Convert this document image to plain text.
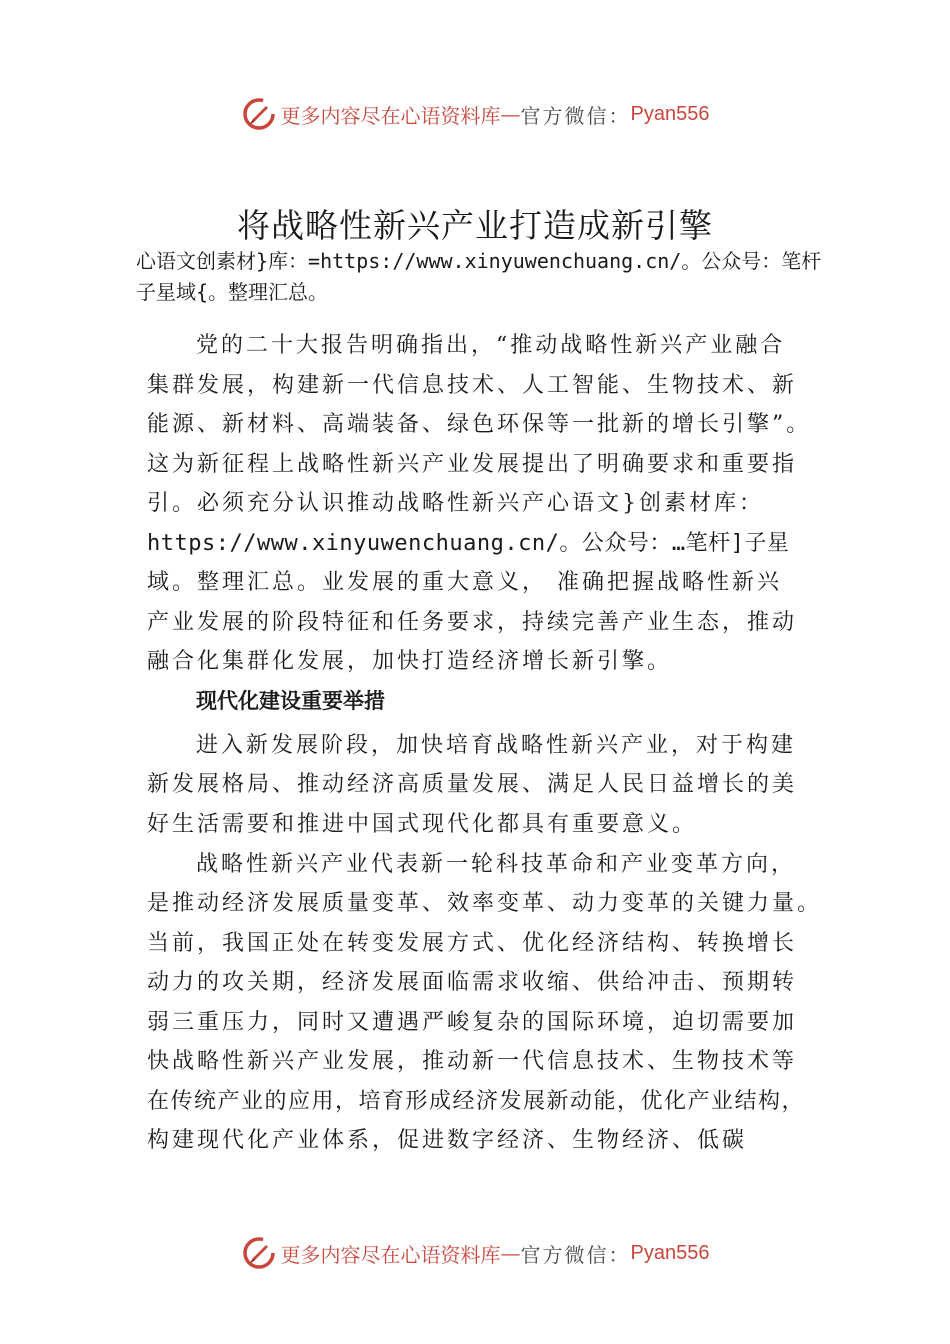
更多内容尽在心语资料库 — 官方微信： Pyan556
将战略性新兴产业打造成新引擎

心语文创素材}库：=https://www.xinyuwenchuang.cn/。公众号：笔杆子星域{。整理汇总。

党的二十大报告明确指出，“推动战略性新兴产业融合
集群发展，构建新一代信息技术、人工智能、生物技术、新
能源、新材料、高端装备、绿色环保等一批新的增长引擎”。
这为新征程上战略性新兴产业发展提出了明确要求和重要指
引。必须充分认识推动战略性新兴产心语文}创素材库：
https://www.xinyuwenchuang.cn/。公众号：…笔杆]子星
域。整理汇总。业发展的重大意义， 准确把握战略性新兴
产业发展的阶段特征和任务要求，持续完善产业生态，推动
融合化集群化发展，加快打造经济增长新引擎。
现代化建设重要举措
进入新发展阶段，加快培育战略性新兴产业，对于构建
新发展格局、推动经济高质量发展、满足人民日益增长的美
好生活需要和推进中国式现代化都具有重要意义。
战略性新兴产业代表新一轮科技革命和产业变革方向，
是推动经济发展质量变革、效率变革、动力变革的关键力量。
当前，我国正处在转变发展方式、优化经济结构、转换增长
动力的攻关期，经济发展面临需求收缩、供给冲击、预期转
弱三重压力，同时又遭遇严峻复杂的国际环境，迫切需要加
快战略性新兴产业发展，推动新一代信息技术、生物技术等
在传统产业的应用，培育形成经济发展新动能，优化产业结构，
构建现代化产业体系，促进数字经济、生物经济、低碳
更多内容尽在心语资料库 — 官方微信： Pyan556
